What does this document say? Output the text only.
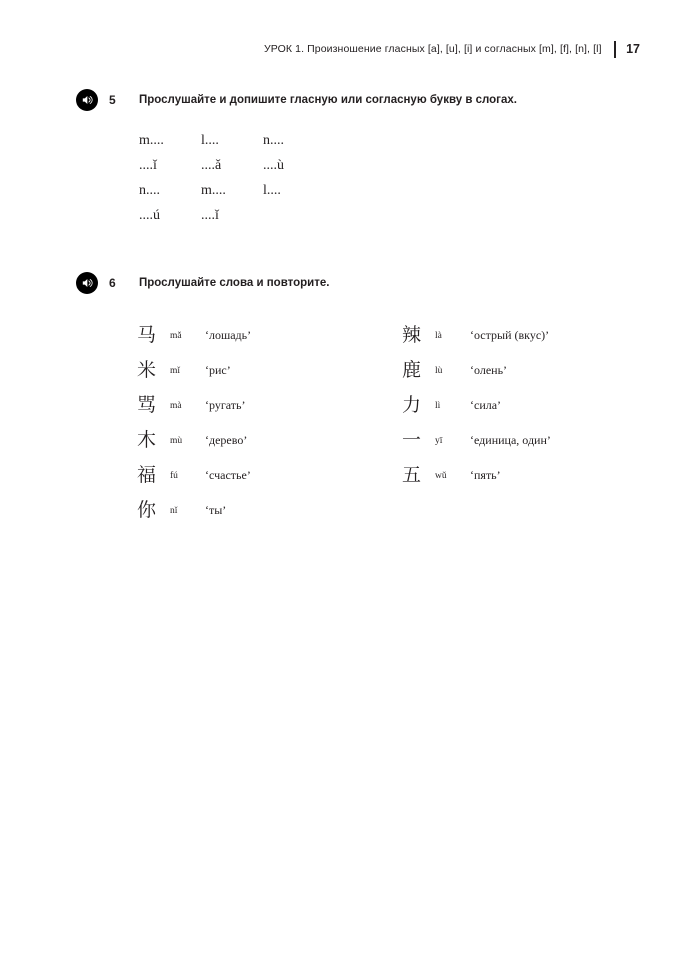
УРОК 1. Произношение гласных [a], [u], [i] и согласных [m], [f], [n], [l] 17
5	Прослушайте и допишите гласную или согласную букву в слогах.
m....	l....	n....
....ǐ	....ǎ	....ù
n....	m....	l....
....ú	....ǐ
6	Прослушайте слова и повторите.
马	mǎ	‘лошадь’
米	mǐ	‘рис’
骂	mà	‘ругать’
木	mù	‘дерево’
福	fú	‘счастье’
你	nǐ	‘ты’
辣	là	‘острый (вкус)’
鹿	lù	‘олень’
力	lì	‘сила’
一	yī	‘единица, один’
五	wǔ	‘пять’
